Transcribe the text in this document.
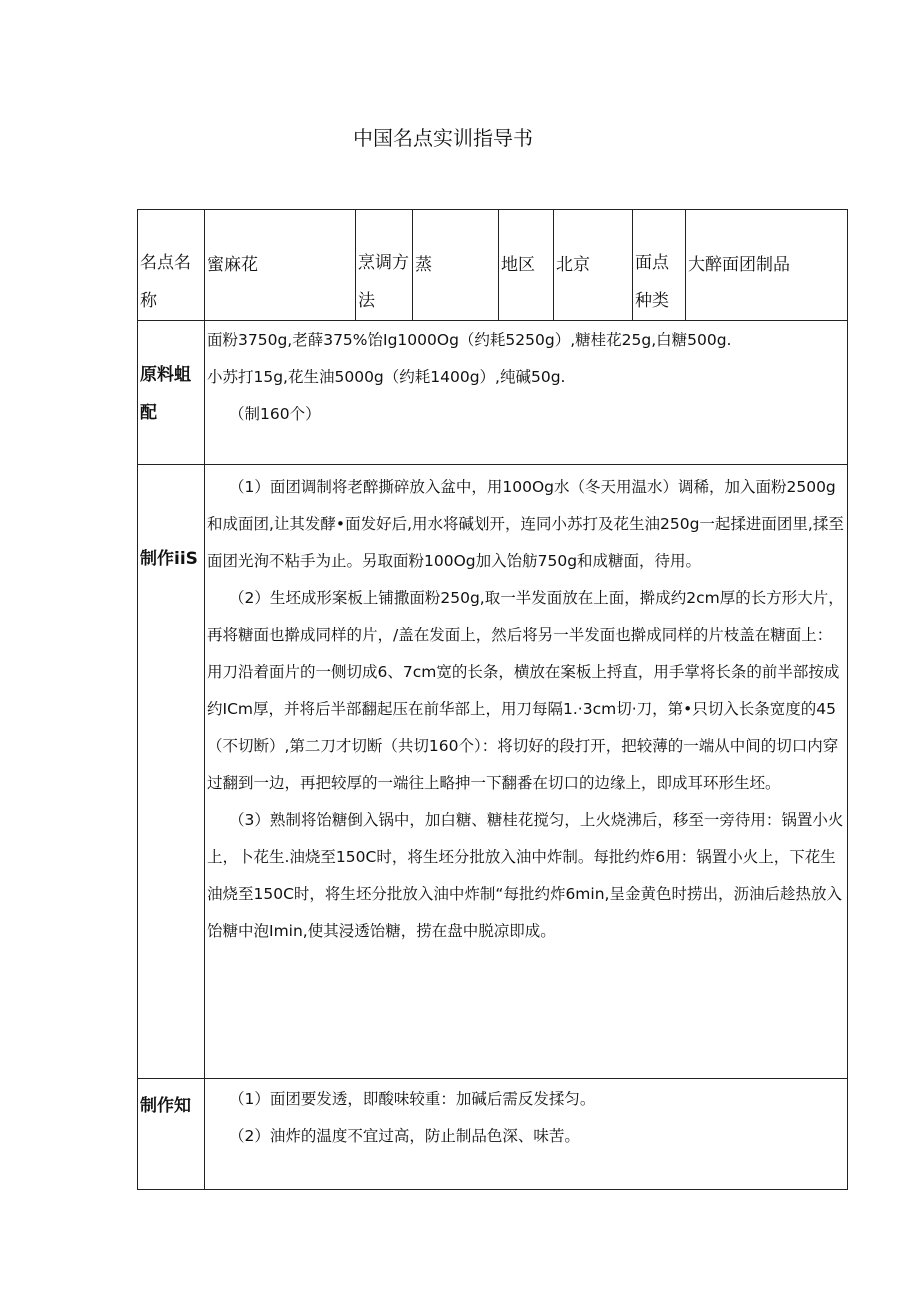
中国名点实训指导书
名点名称	蜜麻花	烹调方法	蒸	地区	北京	面点种类	大醉面团制品

原料蛆配	面粉3750g,老薛375%饴Ig1000Og（约耗5250g）,糖桂花25g,白糖500g.

小苏打15g,花生油5000g（约耗1400g）,纯碱50g.

（制160个）						

制作iiS	（1）面团调制将老醉撕碎放入盆中，用100Og水（冬天用温水）调稀，加入面粉2500g和成面团,让其发酵•面发好后,用水将碱划开，连同小苏打及花生油250g一起揉进面团里,揉至面团光洵不粘手为止。另取面粉100Og加入饴舫750g和成糖面，待用。

（2）生坯成形案板上铺撒面粉250g,取一半发面放在上面，擀成约2cm厚的长方形大片，再将糖面也擀成同样的片，/盖在发面上，然后将另一半发面也擀成同样的片枝盖在糖面上：用刀沿着面片的一侧切成6、7cm宽的长条，横放在案板上捋直，用手掌将长条的前半部按成约ICm厚，并将后半部翻起压在前华部上，用刀每隔1.·3cm切·刀，第•只切入长条宽度的45（不切断）,第二刀才切断（共切160个）：将切好的段打开，把较薄的一端从中间的切口内穿过翻到一边，再把较厚的一端往上略抻一下翻番在切口的边缘上，即成耳环形生坯。

（3）熟制将饴糖倒入锅中，加白糖、糖桂花搅匀，上火烧沸后，移至一旁待用：锅置小火上，卜花生.油烧至150C时，将生坯分批放入油中炸制。每批约炸6用：锅置小火上，下花生油烧至150C时，将生坯分批放入油中炸制“每批约炸6min,呈金黄色时捞出，沥油后趁热放入饴糖中泡Imin,使其浸透饴糖，捞在盘中脱凉即成。						

制作知	（1）面团要发透，即酸味较重：加碱后需反发揉匀。

（2）油炸的温度不宜过高，防止制品色深、味苦。						
